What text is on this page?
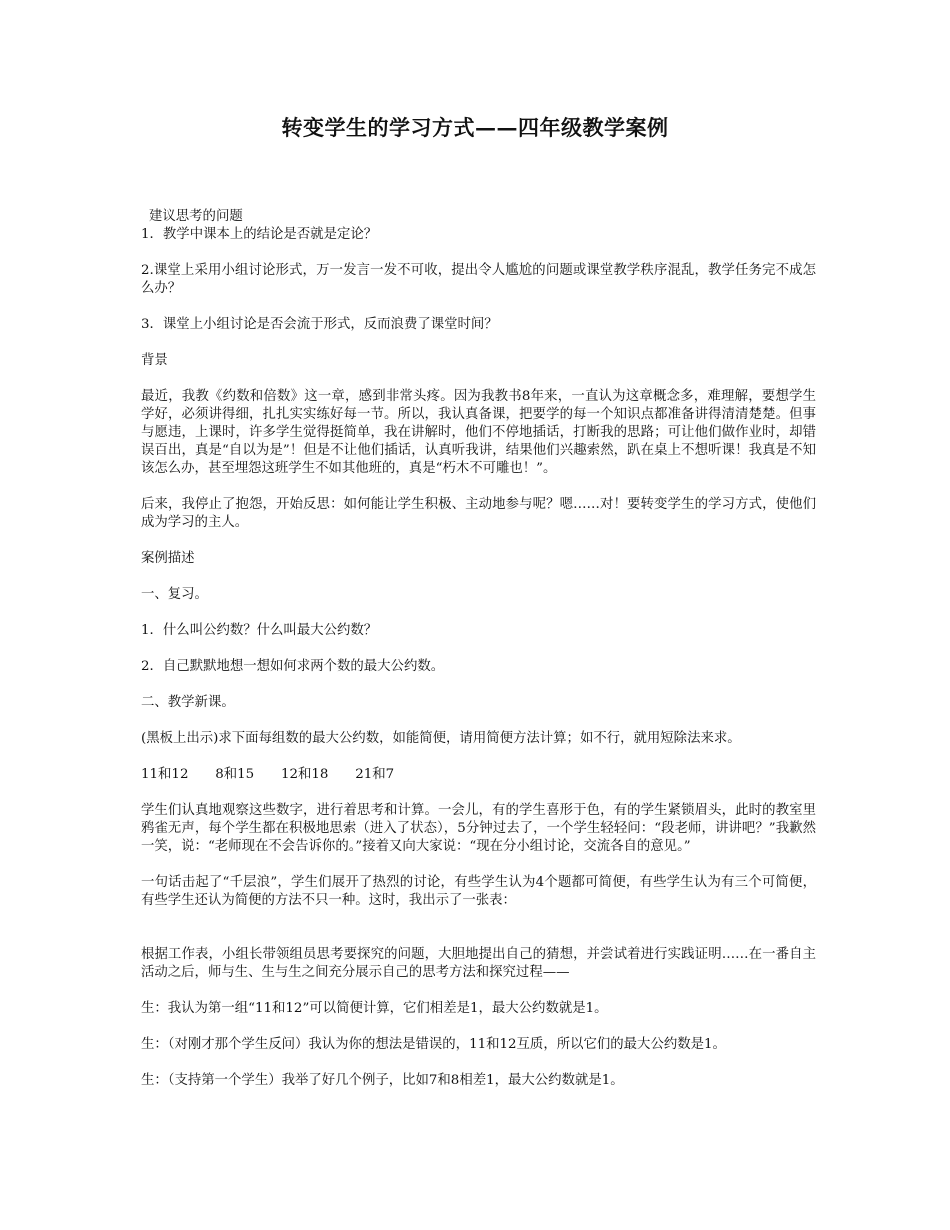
转变学生的学习方式——四年级教学案例

建议思考的问题

1．教学中课本上的结论是否就是定论？

2.课堂上采用小组讨论形式，万一发言一发不可收，提出令人尴尬的问题或课堂教学秩序混乱，教学任务完不成怎么办？

3．课堂上小组讨论是否会流于形式，反而浪费了课堂时间？

背景

最近，我教《约数和倍数》这一章，感到非常头疼。因为我教书8年来，一直认为这章概念多，难理解，要想学生学好，必须讲得细，扎扎实实练好每一节。所以，我认真备课，把要学的每一个知识点都准备讲得清清楚楚。但事与愿违，上课时，许多学生觉得挺简单，我在讲解时，他们不停地插话，打断我的思路；可让他们做作业时，却错误百出，真是“自以为是”！但是不让他们插话，认真听我讲，结果他们兴趣索然，趴在桌上不想听课！我真是不知该怎么办，甚至埋怨这班学生不如其他班的，真是“朽木不可雕也！”。

后来，我停止了抱怨，开始反思：如何能让学生积极、主动地参与呢？嗯……对！要转变学生的学习方式，使他们成为学习的主人。

案例描述

一、复习。

1．什么叫公约数？什么叫最大公约数？

2．自己默默地想一想如何求两个数的最大公约数。

二、教学新课。

(黑板上出示)求下面每组数的最大公约数，如能简便，请用简便方法计算；如不行，就用短除法来求。

11和12　　8和15　　12和18　　21和7

学生们认真地观察这些数字，进行着思考和计算。一会儿，有的学生喜形于色，有的学生紧锁眉头，此时的教室里鸦雀无声，每个学生都在积极地思索（进入了状态），5分钟过去了，一个学生轻轻问：“段老师，讲讲吧？”我歉然一笑，说：“老师现在不会告诉你的。”接着又向大家说：“现在分小组讨论，交流各自的意见。”

一句话击起了“千层浪”，学生们展开了热烈的讨论，有些学生认为4个题都可简便，有些学生认为有三个可简便，有些学生还认为简便的方法不只一种。这时，我出示了一张表：

根据工作表，小组长带领组员思考要探究的问题，大胆地提出自己的猜想，并尝试着进行实践证明……在一番自主活动之后，师与生、生与生之间充分展示自己的思考方法和探究过程——

生：我认为第一组“11和12”可以简便计算，它们相差是1，最大公约数就是1。

生：（对刚才那个学生反问）我认为你的想法是错误的，11和12互质，所以它们的最大公约数是1。

生：（支持第一个学生）我举了好几个例子，比如7和8相差1，最大公约数就是1。
